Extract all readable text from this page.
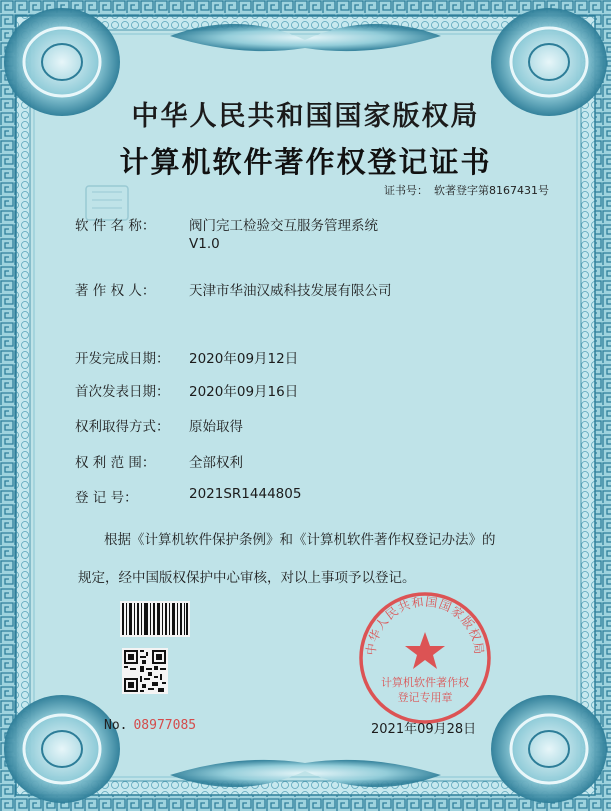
中华人民共和国国家版权局
计算机软件著作权登记证书
证书号： 软著登字第8167431号
软 件 名 称：	阀门完工检验交互服务管理系统
V1.0
著 作 权 人：	天津市华油汉威科技发展有限公司
开发完成日期：	2020年09月12日
首次发表日期：	2020年09月16日
权利取得方式：	原始取得
权 利 范 围：	全部权利
登 记 号：	2021SR1444805
根据《计算机软件保护条例》和《计算机软件著作权登记办法》的
规定，经中国版权保护中心审核，对以上事项予以登记。
中华人民共和国国家版权局
计算机软件著作权
登记专用章
No. 08977085	2021年09月28日
